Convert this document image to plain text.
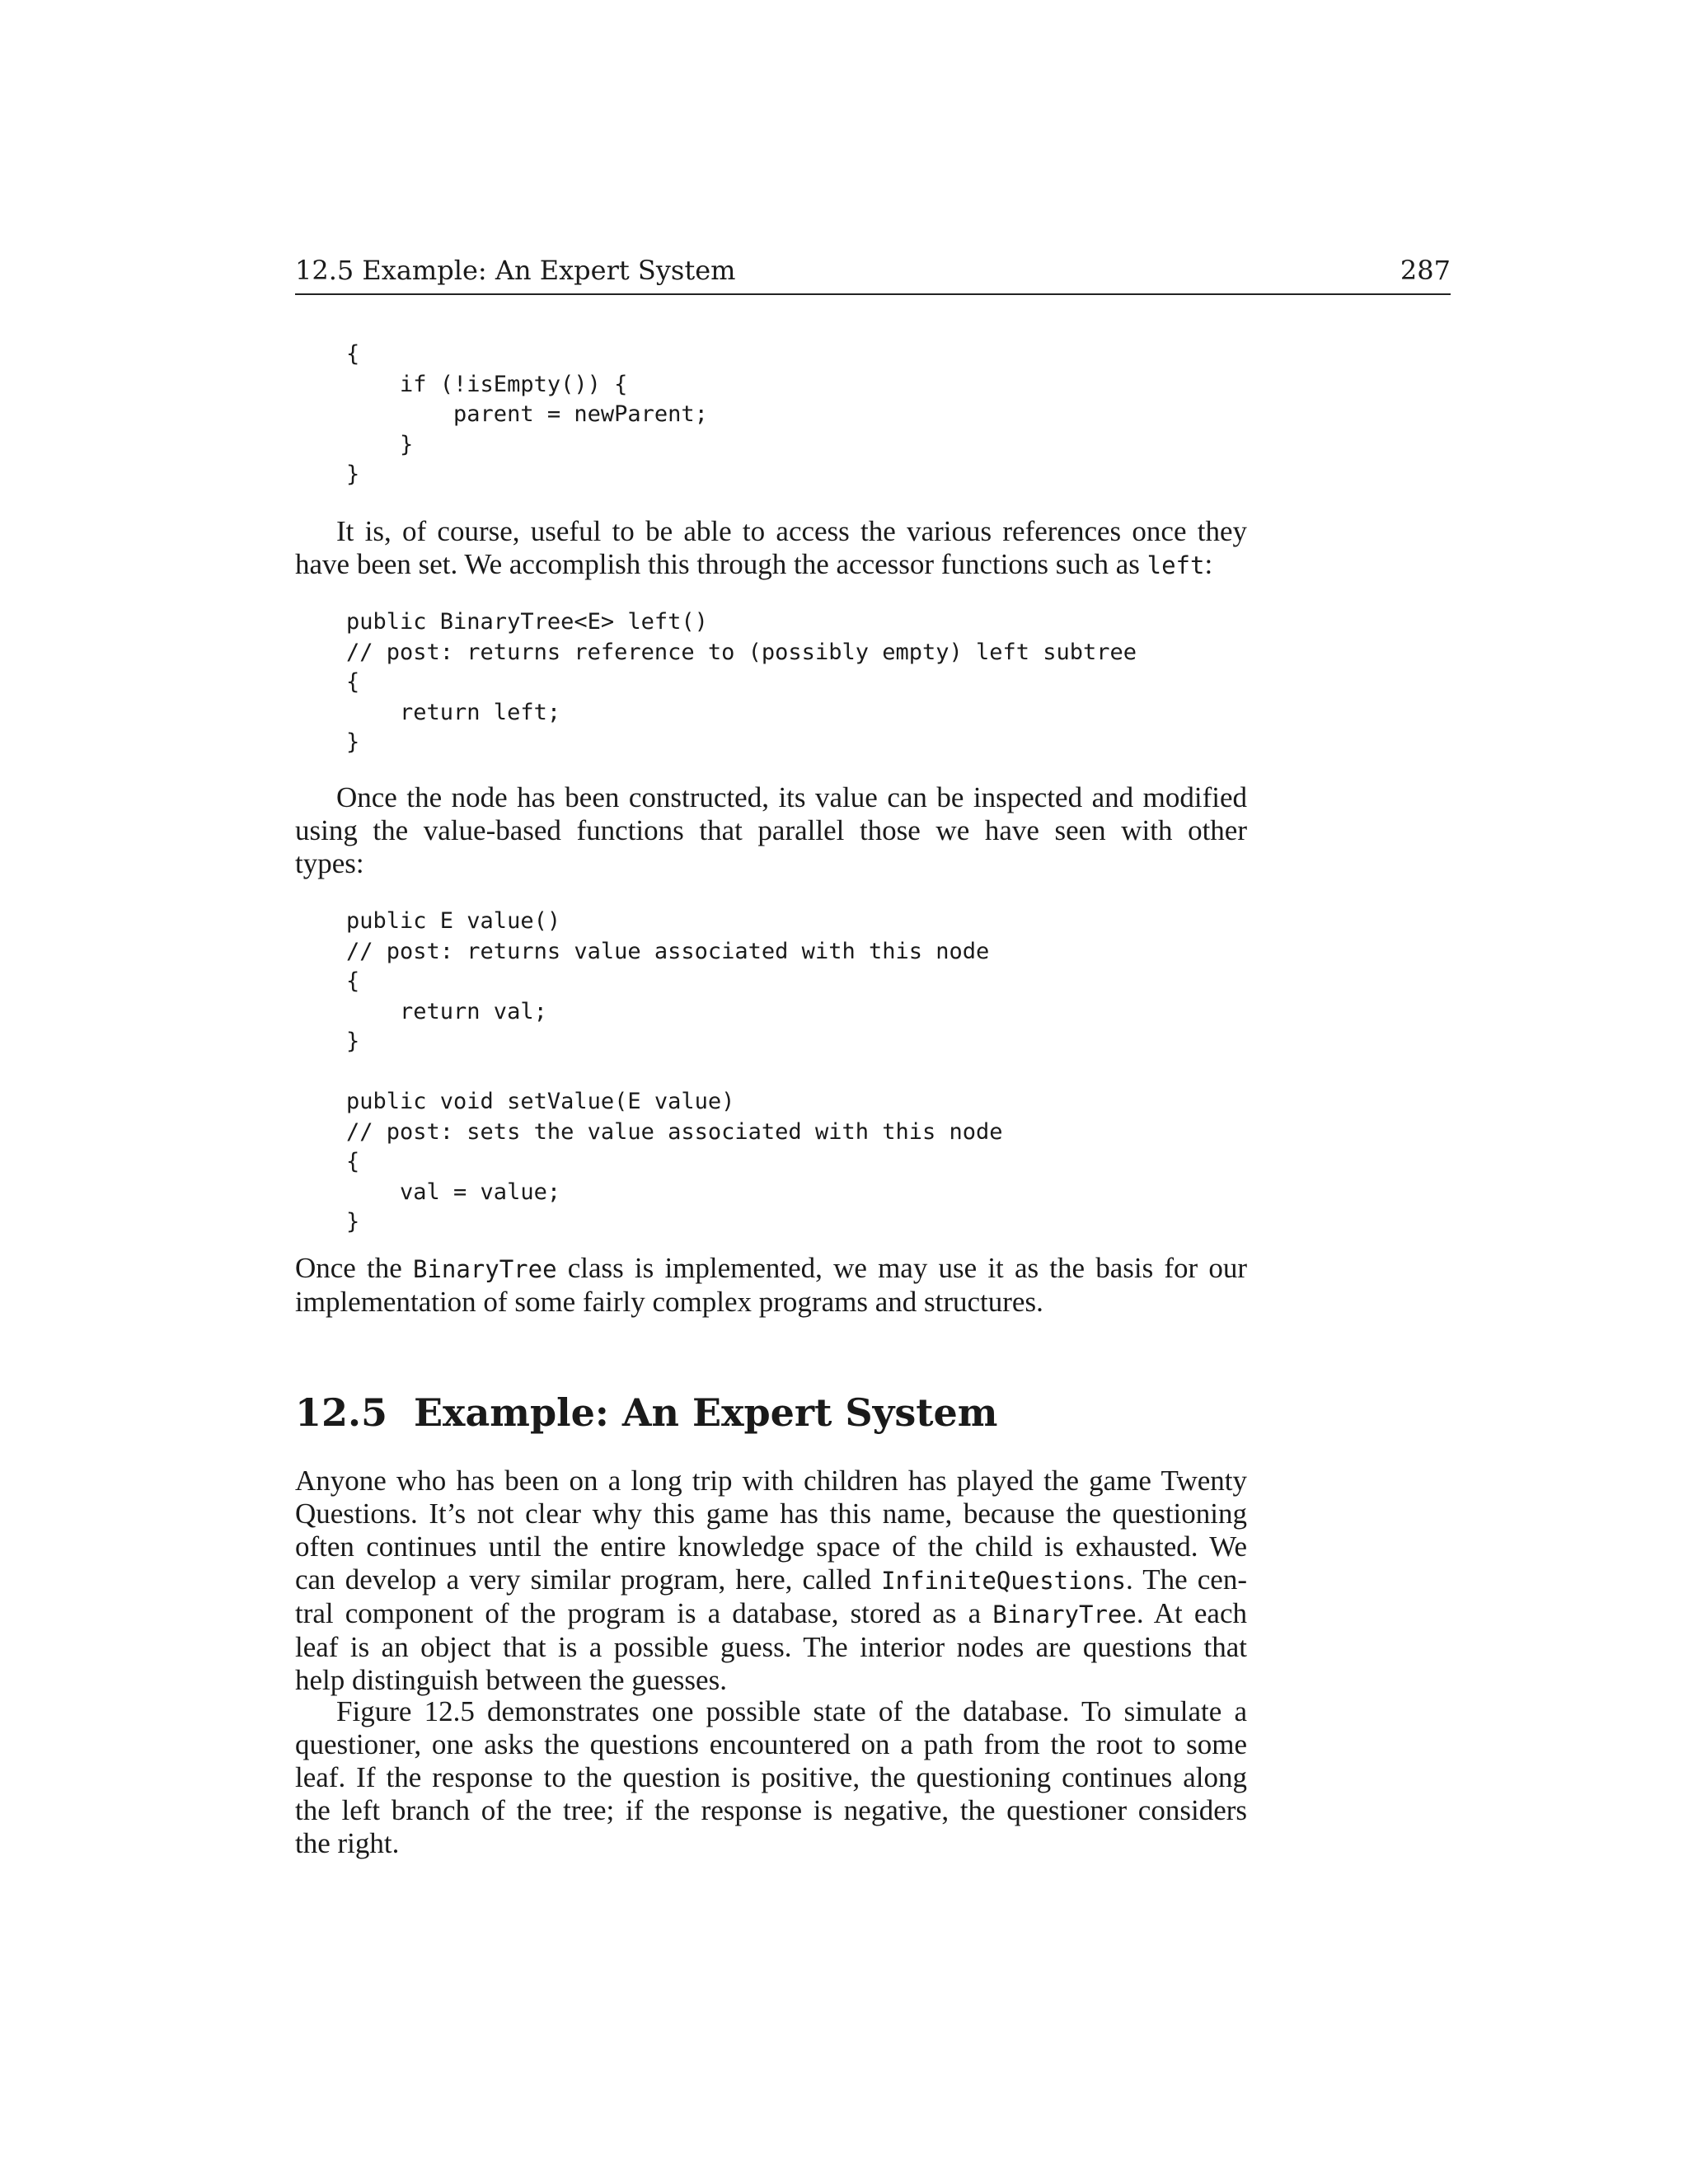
12.5 Example: An Expert System	287
{
if (!isEmpty()) {
parent = newParent;
}
}
It is, of course, useful to be able to access the various references once they
have been set. We accomplish this through the accessor functions such as left:
public BinaryTree<E> left()
// post: returns reference to (possibly empty) left subtree
{
return left;
}
Once the node has been constructed, its value can be inspected and modified
using the value-based functions that parallel those we have seen with other
types:
public E value()
// post: returns value associated with this node
{
return val;
}

public void setValue(E value)
// post: sets the value associated with this node
{
val = value;
}
Once the BinaryTree class is implemented, we may use it as the basis for our
implementation of some fairly complex programs and structures.
12.5 Example: An Expert System
Anyone who has been on a long trip with children has played the game Twenty
Questions. It’s not clear why this game has this name, because the questioning
often continues until the entire knowledge space of the child is exhausted. We
can develop a very similar program, here, called InfiniteQuestions. The cen-
tral component of the program is a database, stored as a BinaryTree. At each
leaf is an object that is a possible guess. The interior nodes are questions that
help distinguish between the guesses.
Figure 12.5 demonstrates one possible state of the database. To simulate a
questioner, one asks the questions encountered on a path from the root to some
leaf. If the response to the question is positive, the questioning continues along
the left branch of the tree; if the response is negative, the questioner considers
the right.
